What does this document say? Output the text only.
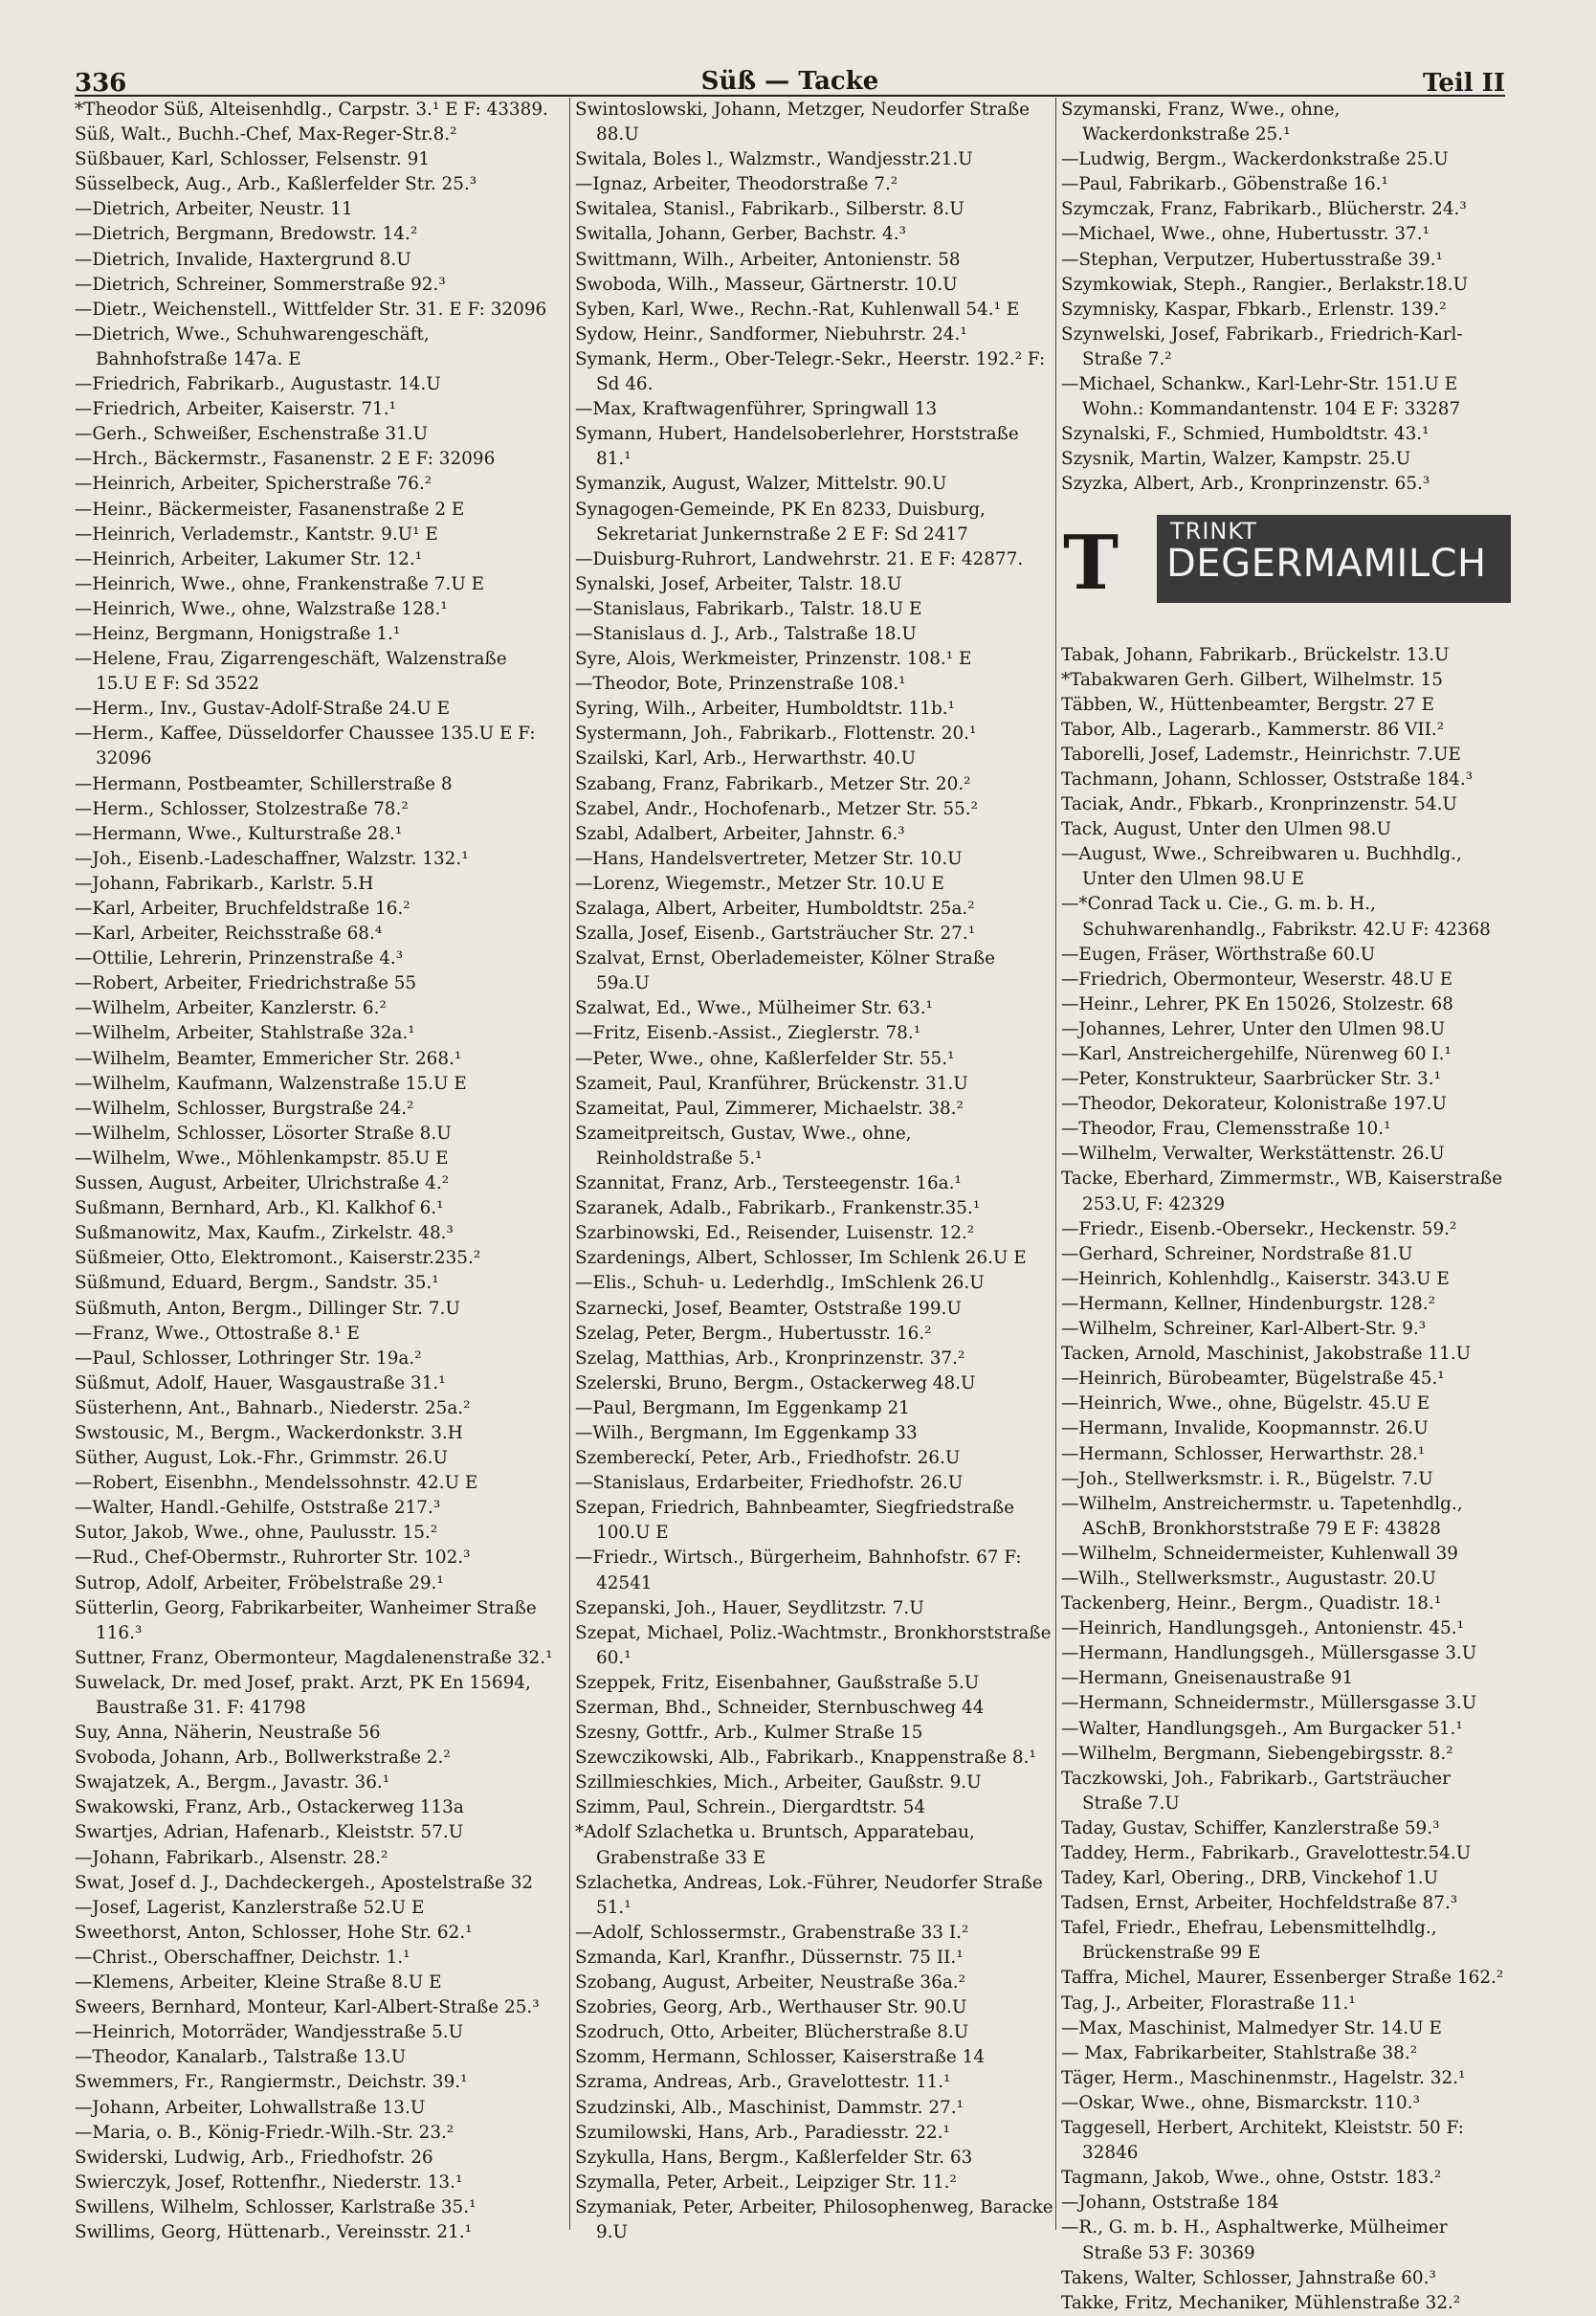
336	Süß — Tacke	Teil II
*Theodor Süß, Alteisenhdlg., Carpstr. 3.¹ E F: 43389.
Süß, Walt., Buchh.-Chef, Max-Reger-Str.8.²
Süßbauer, Karl, Schlosser, Felsenstr. 91
Süsselbeck, Aug., Arb., Kaßlerfelder Str. 25.³
—Dietrich, Arbeiter, Neustr. 11
—Dietrich, Bergmann, Bredowstr. 14.²
—Dietrich, Invalide, Haxtergrund 8.U
—Dietrich, Schreiner, Sommerstraße 92.³
—Dietr., Weichenstell., Wittfelder Str. 31. E F: 32096
—Dietrich, Wwe., Schuhwarengeschäft, Bahnhofstraße 147a. E
—Friedrich, Fabrikarb., Augustastr. 14.U
—Friedrich, Arbeiter, Kaiserstr. 71.¹
—Gerh., Schweißer, Eschenstraße 31.U
—Hrch., Bäckermstr., Fasanenstr. 2 E F: 32096
—Heinrich, Arbeiter, Spicherstraße 76.²
—Heinr., Bäckermeister, Fasanenstraße 2 E
—Heinrich, Verlademstr., Kantstr. 9.U¹ E
—Heinrich, Arbeiter, Lakumer Str. 12.¹
—Heinrich, Wwe., ohne, Frankenstraße 7.U E
—Heinrich, Wwe., ohne, Walzstraße 128.¹
—Heinz, Bergmann, Honigstraße 1.¹
—Helene, Frau, Zigarrengeschäft, Walzenstraße 15.U E F: Sd 3522
—Herm., Inv., Gustav-Adolf-Straße 24.U E
—Herm., Kaffee, Düsseldorfer Chaussee 135.U E F: 32096
—Hermann, Postbeamter, Schillerstraße 8
—Herm., Schlosser, Stolzestraße 78.²
—Hermann, Wwe., Kulturstraße 28.¹
—Joh., Eisenb.-Ladeschaffner, Walzstr. 132.¹
—Johann, Fabrikarb., Karlstr. 5.H
—Karl, Arbeiter, Bruchfeldstraße 16.²
—Karl, Arbeiter, Reichsstraße 68.⁴
—Ottilie, Lehrerin, Prinzenstraße 4.³
—Robert, Arbeiter, Friedrichstraße 55
—Wilhelm, Arbeiter, Kanzlerstr. 6.²
—Wilhelm, Arbeiter, Stahlstraße 32a.¹
—Wilhelm, Beamter, Emmericher Str. 268.¹
—Wilhelm, Kaufmann, Walzenstraße 15.U E
—Wilhelm, Schlosser, Burgstraße 24.²
—Wilhelm, Schlosser, Lösorter Straße 8.U
—Wilhelm, Wwe., Möhlenkampstr. 85.U E
Sussen, August, Arbeiter, Ulrichstraße 4.²
Sußmann, Bernhard, Arb., Kl. Kalkhof 6.¹
Sußmanowitz, Max, Kaufm., Zirkelstr. 48.³
Süßmeier, Otto, Elektromont., Kaiserstr.235.²
Süßmund, Eduard, Bergm., Sandstr. 35.¹
Süßmuth, Anton, Bergm., Dillinger Str. 7.U
—Franz, Wwe., Ottostraße 8.¹ E
—Paul, Schlosser, Lothringer Str. 19a.²
Süßmut, Adolf, Hauer, Wasgaustraße 31.¹
Süsterhenn, Ant., Bahnarb., Niederstr. 25a.²
Swstousic, M., Bergm., Wackerdonkstr. 3.H
Süther, August, Lok.-Fhr., Grimmstr. 26.U
—Robert, Eisenbhn., Mendelssohnstr. 42.U E
—Walter, Handl.-Gehilfe, Oststraße 217.³
Sutor, Jakob, Wwe., ohne, Paulusstr. 15.²
—Rud., Chef-Obermstr., Ruhrorter Str. 102.³
Sutrop, Adolf, Arbeiter, Fröbelstraße 29.¹
Sütterlin, Georg, Fabrikarbeiter, Wanheimer Straße 116.³
Suttner, Franz, Obermonteur, Magdalenenstraße 32.¹
Suwelack, Dr. med Josef, prakt. Arzt, PK En 15694, Baustraße 31. F: 41798
Suy, Anna, Näherin, Neustraße 56
Svoboda, Johann, Arb., Bollwerkstraße 2.²
Swajatzek, A., Bergm., Javastr. 36.¹
Swakowski, Franz, Arb., Ostackerweg 113a
Swartjes, Adrian, Hafenarb., Kleiststr. 57.U
—Johann, Fabrikarb., Alsenstr. 28.²
Swat, Josef d. J., Dachdeckergeh., Apostelstraße 32
—Josef, Lagerist, Kanzlerstraße 52.U E
Sweethorst, Anton, Schlosser, Hohe Str. 62.¹
—Christ., Oberschaffner, Deichstr. 1.¹
—Klemens, Arbeiter, Kleine Straße 8.U E
Sweers, Bernhard, Monteur, Karl-Albert-Straße 25.³
—Heinrich, Motorräder, Wandjesstraße 5.U
—Theodor, Kanalarb., Talstraße 13.U
Swemmers, Fr., Rangiermstr., Deichstr. 39.¹
—Johann, Arbeiter, Lohwallstraße 13.U
—Maria, o. B., König-Friedr.-Wilh.-Str. 23.²
Swiderski, Ludwig, Arb., Friedhofstr. 26
Swierczyk, Josef, Rottenfhr., Niederstr. 13.¹
Swillens, Wilhelm, Schlosser, Karlstraße 35.¹
Swillims, Georg, Hüttenarb., Vereinsstr. 21.¹
Swintoslowski, Johann, Metzger, Neudorfer Straße 88.U
Switala, Boles l., Walzmstr., Wandjesstr.21.U
—Ignaz, Arbeiter, Theodorstraße 7.²
Switalea, Stanisl., Fabrikarb., Silberstr. 8.U
Switalla, Johann, Gerber, Bachstr. 4.³
Swittmann, Wilh., Arbeiter, Antonienstr. 58
Swoboda, Wilh., Masseur, Gärtnerstr. 10.U
Syben, Karl, Wwe., Rechn.-Rat, Kuhlenwall 54.¹ E
Sydow, Heinr., Sandformer, Niebuhrstr. 24.¹
Symank, Herm., Ober-Telegr.-Sekr., Heerstr. 192.² F: Sd 46.
—Max, Kraftwagenführer, Springwall 13
Symann, Hubert, Handelsoberlehrer, Horststraße 81.¹
Symanzik, August, Walzer, Mittelstr. 90.U
Synagogen-Gemeinde, PK En 8233, Duisburg, Sekretariat Junkernstraße 2 E F: Sd 2417
—Duisburg-Ruhrort, Landwehrstr. 21. E F: 42877.
Synalski, Josef, Arbeiter, Talstr. 18.U
—Stanislaus, Fabrikarb., Talstr. 18.U E
—Stanislaus d. J., Arb., Talstraße 18.U
Syre, Alois, Werkmeister, Prinzenstr. 108.¹ E
—Theodor, Bote, Prinzenstraße 108.¹
Syring, Wilh., Arbeiter, Humboldtstr. 11b.¹
Systermann, Joh., Fabrikarb., Flottenstr. 20.¹
Szailski, Karl, Arb., Herwarthstr. 40.U
Szabang, Franz, Fabrikarb., Metzer Str. 20.²
Szabel, Andr., Hochofenarb., Metzer Str. 55.²
Szabl, Adalbert, Arbeiter, Jahnstr. 6.³
—Hans, Handelsvertreter, Metzer Str. 10.U
—Lorenz, Wiegemstr., Metzer Str. 10.U E
Szalaga, Albert, Arbeiter, Humboldtstr. 25a.²
Szalla, Josef, Eisenb., Gartsträucher Str. 27.¹
Szalvat, Ernst, Oberlademeister, Kölner Straße 59a.U
Szalwat, Ed., Wwe., Mülheimer Str. 63.¹
—Fritz, Eisenb.-Assist., Zieglerstr. 78.¹
—Peter, Wwe., ohne, Kaßlerfelder Str. 55.¹
Szameit, Paul, Kranführer, Brückenstr. 31.U
Szameitat, Paul, Zimmerer, Michaelstr. 38.²
Szameitpreitsch, Gustav, Wwe., ohne, Reinholdstraße 5.¹
Szannitat, Franz, Arb., Tersteegenstr. 16a.¹
Szaranek, Adalb., Fabrikarb., Frankenstr.35.¹
Szarbinowski, Ed., Reisender, Luisenstr. 12.²
Szardenings, Albert, Schlosser, Im Schlenk 26.U E
—Elis., Schuh- u. Lederhdlg., ImSchlenk 26.U
Szarnecki, Josef, Beamter, Oststraße 199.U
Szelag, Peter, Bergm., Hubertusstr. 16.²
Szelag, Matthias, Arb., Kronprinzenstr. 37.²
Szelerski, Bruno, Bergm., Ostackerweg 48.U
—Paul, Bergmann, Im Eggenkamp 21
—Wilh., Bergmann, Im Eggenkamp 33
Szembereckí, Peter, Arb., Friedhofstr. 26.U
—Stanislaus, Erdarbeiter, Friedhofstr. 26.U
Szepan, Friedrich, Bahnbeamter, Siegfriedstraße 100.U E
—Friedr., Wirtsch., Bürgerheim, Bahnhofstr. 67 F: 42541
Szepanski, Joh., Hauer, Seydlitzstr. 7.U
Szepat, Michael, Poliz.-Wachtmstr., Bronkhorststraße 60.¹
Szeppek, Fritz, Eisenbahner, Gaußstraße 5.U
Szerman, Bhd., Schneider, Sternbuschweg 44
Szesny, Gottfr., Arb., Kulmer Straße 15
Szewczikowski, Alb., Fabrikarb., Knappenstraße 8.¹
Szillmieschkies, Mich., Arbeiter, Gaußstr. 9.U
Szimm, Paul, Schrein., Diergardtstr. 54
*Adolf Szlachetka u. Bruntsch, Apparatebau, Grabenstraße 33 E
Szlachetka, Andreas, Lok.-Führer, Neudorfer Straße 51.¹
—Adolf, Schlossermstr., Grabenstraße 33 I.²
Szmanda, Karl, Kranfhr., Düssernstr. 75 II.¹
Szobang, August, Arbeiter, Neustraße 36a.²
Szobries, Georg, Arb., Werthauser Str. 90.U
Szodruch, Otto, Arbeiter, Blücherstraße 8.U
Szomm, Hermann, Schlosser, Kaiserstraße 14
Szrama, Andreas, Arb., Gravelottestr. 11.¹
Szudzinski, Alb., Maschinist, Dammstr. 27.¹
Szumilowski, Hans, Arb., Paradiesstr. 22.¹
Szykulla, Hans, Bergm., Kaßlerfelder Str. 63
Szymalla, Peter, Arbeit., Leipziger Str. 11.²
Szymaniak, Peter, Arbeiter, Philosophenweg, Baracke 9.U
Szymanski, Franz, Wwe., ohne, Wackerdonkstraße 25.¹
—Ludwig, Bergm., Wackerdonkstraße 25.U
—Paul, Fabrikarb., Göbenstraße 16.¹
Szymczak, Franz, Fabrikarb., Blücherstr. 24.³
—Michael, Wwe., ohne, Hubertusstr. 37.¹
—Stephan, Verputzer, Hubertusstraße 39.¹
Szymkowiak, Steph., Rangier., Berlakstr.18.U
Szymnisky, Kaspar, Fbkarb., Erlenstr. 139.²
Szynwelski, Josef, Fabrikarb., Friedrich-Karl-Straße 7.²
—Michael, Schankw., Karl-Lehr-Str. 151.U E Wohn.: Kommandantenstr. 104 E F: 33287
Szynalski, F., Schmied, Humboldtstr. 43.¹
Szysnik, Martin, Walzer, Kampstr. 25.U
Szyzka, Albert, Arb., Kronprinzenstr. 65.³
T TRINKT
DEGERMAMILCH
Tabak, Johann, Fabrikarb., Brückelstr. 13.U
*Tabakwaren Gerh. Gilbert, Wilhelmstr. 15
Täbben, W., Hüttenbeamter, Bergstr. 27 E
Tabor, Alb., Lagerarb., Kammerstr. 86 VII.²
Taborelli, Josef, Lademstr., Heinrichstr. 7.UE
Tachmann, Johann, Schlosser, Oststraße 184.³
Taciak, Andr., Fbkarb., Kronprinzenstr. 54.U
Tack, August, Unter den Ulmen 98.U
—August, Wwe., Schreibwaren u. Buchhdlg., Unter den Ulmen 98.U E
—*Conrad Tack u. Cie., G. m. b. H., Schuhwarenhandlg., Fabrikstr. 42.U F: 42368
—Eugen, Fräser, Wörthstraße 60.U
—Friedrich, Obermonteur, Weserstr. 48.U E
—Heinr., Lehrer, PK En 15026, Stolzestr. 68
—Johannes, Lehrer, Unter den Ulmen 98.U
—Karl, Anstreichergehilfe, Nürenweg 60 I.¹
—Peter, Konstrukteur, Saarbrücker Str. 3.¹
—Theodor, Dekorateur, Kolonistraße 197.U
—Theodor, Frau, Clemensstraße 10.¹
—Wilhelm, Verwalter, Werkstättenstr. 26.U
Tacke, Eberhard, Zimmermstr., WB, Kaiserstraße 253.U, F: 42329
—Friedr., Eisenb.-Obersekr., Heckenstr. 59.²
—Gerhard, Schreiner, Nordstraße 81.U
—Heinrich, Kohlenhdlg., Kaiserstr. 343.U E
—Hermann, Kellner, Hindenburgstr. 128.²
—Wilhelm, Schreiner, Karl-Albert-Str. 9.³
Tacken, Arnold, Maschinist, Jakobstraße 11.U
—Heinrich, Bürobeamter, Bügelstraße 45.¹
—Heinrich, Wwe., ohne, Bügelstr. 45.U E
—Hermann, Invalide, Koopmannstr. 26.U
—Hermann, Schlosser, Herwarthstr. 28.¹
—Joh., Stellwerksmstr. i. R., Bügelstr. 7.U
—Wilhelm, Anstreichermstr. u. Tapetenhdlg., ASchB, Bronkhorststraße 79 E F: 43828
—Wilhelm, Schneidermeister, Kuhlenwall 39
—Wilh., Stellwerksmstr., Augustastr. 20.U
Tackenberg, Heinr., Bergm., Quadistr. 18.¹
—Heinrich, Handlungsgeh., Antonienstr. 45.¹
—Hermann, Handlungsgeh., Müllersgasse 3.U
—Hermann, Gneisenaustraße 91
—Hermann, Schneidermstr., Müllersgasse 3.U
—Walter, Handlungsgeh., Am Burgacker 51.¹
—Wilhelm, Bergmann, Siebengebirgsstr. 8.²
Taczkowski, Joh., Fabrikarb., Gartsträucher Straße 7.U
Taday, Gustav, Schiffer, Kanzlerstraße 59.³
Taddey, Herm., Fabrikarb., Gravelottestr.54.U
Tadey, Karl, Obering., DRB, Vinckehof 1.U
Tadsen, Ernst, Arbeiter, Hochfeldstraße 87.³
Tafel, Friedr., Ehefrau, Lebensmittelhdlg., Brückenstraße 99 E
Taffra, Michel, Maurer, Essenberger Straße 162.²
Tag, J., Arbeiter, Florastraße 11.¹
—Max, Maschinist, Malmedyer Str. 14.U E
— Max, Fabrikarbeiter, Stahlstraße 38.²
Täger, Herm., Maschinenmstr., Hagelstr. 32.¹
—Oskar, Wwe., ohne, Bismarckstr. 110.³
Taggesell, Herbert, Architekt, Kleiststr. 50 F: 32846
Tagmann, Jakob, Wwe., ohne, Oststr. 183.²
—Johann, Oststraße 184
—R., G. m. b. H., Asphaltwerke, Mülheimer Straße 53 F: 30369
Takens, Walter, Schlosser, Jahnstraße 60.³
Takke, Fritz, Mechaniker, Mühlenstraße 32.²
